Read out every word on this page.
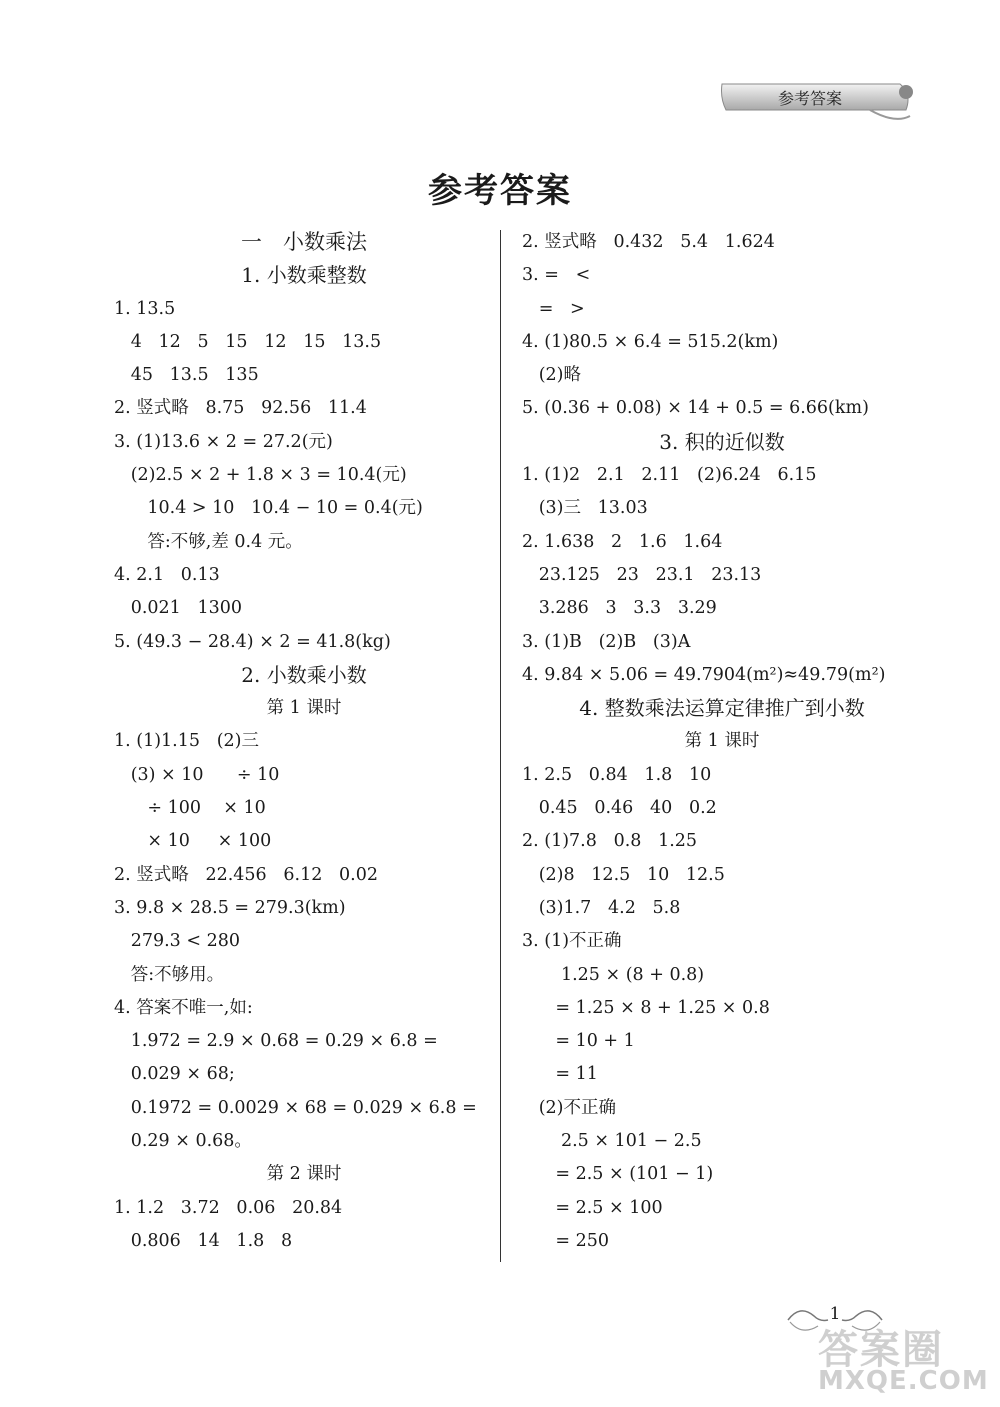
参考答案
参考答案
一　小数乘法
1. 小数乘整数
1. 13.5
4   12   5   15   12   15   13.5
45   13.5   135
2. 竖式略   8.75   92.56   11.4
3. (1)13.6 × 2 = 27.2(元)
(2)2.5 × 2 + 1.8 × 3 = 10.4(元)
10.4 > 10   10.4 − 10 = 0.4(元)
答:不够,差 0.4 元。
4. 2.1   0.13
0.021   1300
5. (49.3 − 28.4) × 2 = 41.8(kg)
2. 小数乘小数
第 1 课时
1. (1)1.15   (2)三
(3) × 10      ÷ 10
÷ 100    × 10
× 10     × 100
2. 竖式略   22.456   6.12   0.02
3. 9.8 × 28.5 = 279.3(km)
279.3 < 280
答:不够用。
4. 答案不唯一,如:
1.972 = 2.9 × 0.68 = 0.29 × 6.8 =
0.029 × 68;
0.1972 = 0.0029 × 68 = 0.029 × 6.8 =
0.29 × 0.68。
第 2 课时
1. 1.2   3.72   0.06   20.84
0.806   14   1.8   8
2. 竖式略   0.432   5.4   1.624
3. =   <
=   >
4. (1)80.5 × 6.4 = 515.2(km)
(2)略
5. (0.36 + 0.08) × 14 + 0.5 = 6.66(km)
3. 积的近似数
1. (1)2   2.1   2.11   (2)6.24   6.15
(3)三   13.03
2. 1.638   2   1.6   1.64
23.125   23   23.1   23.13
3.286   3   3.3   3.29
3. (1)B   (2)B   (3)A
4. 9.84 × 5.06 = 49.7904(m²)≈49.79(m²)
4. 整数乘法运算定律推广到小数
第 1 课时
1. 2.5   0.84   1.8   10
0.45   0.46   40   0.2
2. (1)7.8   0.8   1.25
(2)8   12.5   10   12.5
(3)1.7   4.2   5.8
3. (1)不正确
1.25 × (8 + 0.8)
= 1.25 × 8 + 1.25 × 0.8
= 10 + 1
= 11
(2)不正确
2.5 × 101 − 2.5
= 2.5 × (101 − 1)
= 2.5 × 100
= 250
1
答案圈
MXQE.COM
